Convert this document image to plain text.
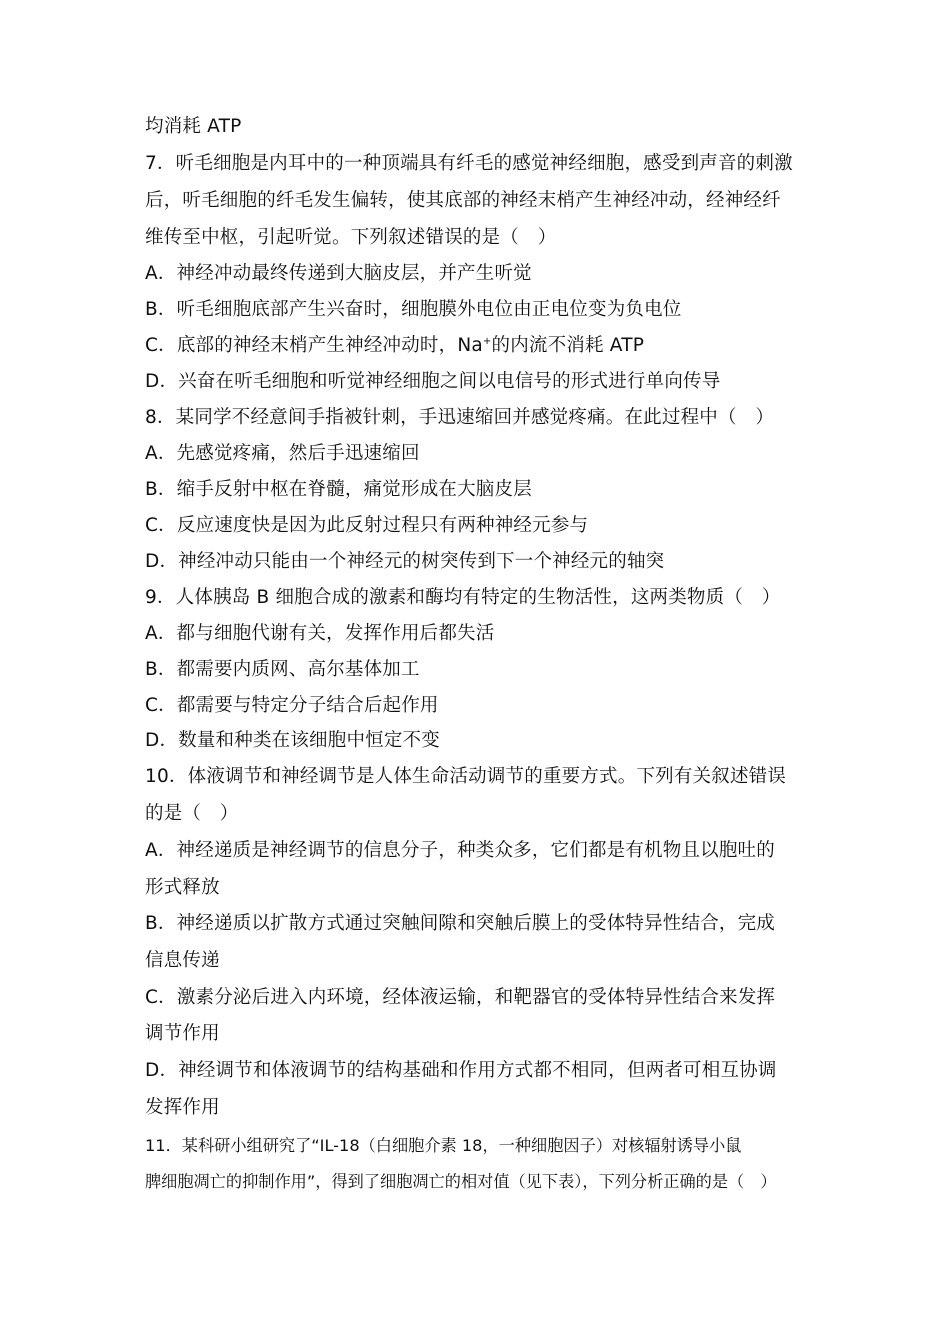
均消耗 ATP
7．听毛细胞是内耳中的一种顶端具有纤毛的感觉神经细胞，感受到声音的刺激
后，听毛细胞的纤毛发生偏转，使其底部的神经末梢产生神经冲动，经神经纤
维传至中枢，引起听觉。下列叙述错误的是（　）
A．神经冲动最终传递到大脑皮层，并产生听觉
B．听毛细胞底部产生兴奋时，细胞膜外电位由正电位变为负电位
C．底部的神经末梢产生神经冲动时，Na+的内流不消耗 ATP
D．兴奋在听毛细胞和听觉神经细胞之间以电信号的形式进行单向传导
8．某同学不经意间手指被针刺，手迅速缩回并感觉疼痛。在此过程中（　）
A．先感觉疼痛，然后手迅速缩回
B．缩手反射中枢在脊髓，痛觉形成在大脑皮层
C．反应速度快是因为此反射过程只有两种神经元参与
D．神经冲动只能由一个神经元的树突传到下一个神经元的轴突
9．人体胰岛 B 细胞合成的激素和酶均有特定的生物活性，这两类物质（　）
A．都与细胞代谢有关，发挥作用后都失活
B．都需要内质网、高尔基体加工
C．都需要与特定分子结合后起作用
D．数量和种类在该细胞中恒定不变
10．体液调节和神经调节是人体生命活动调节的重要方式。下列有关叙述错误
的是（　）
A．神经递质是神经调节的信息分子，种类众多，它们都是有机物且以胞吐的
形式释放
B．神经递质以扩散方式通过突触间隙和突触后膜上的受体特异性结合，完成
信息传递
C．激素分泌后进入内环境，经体液运输，和靶器官的受体特异性结合来发挥
调节作用
D．神经调节和体液调节的结构基础和作用方式都不相同，但两者可相互协调
发挥作用
11．某科研小组研究了“IL-18（白细胞介素 18，一种细胞因子）对核辐射诱导小鼠
脾细胞凋亡的抑制作用”，得到了细胞凋亡的相对值（见下表），下列分析正确的是（　）
